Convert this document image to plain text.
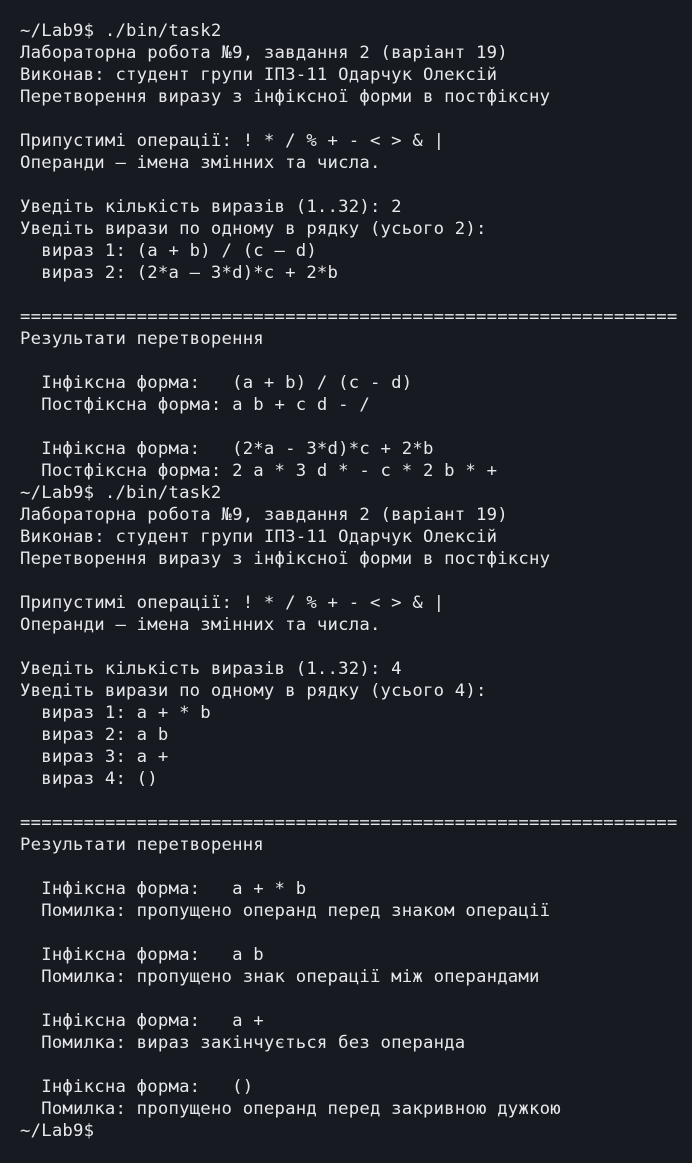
~/Lab9$ ./bin/task2
Лабораторна робота №9, завдання 2 (варіант 19)
Виконав: студент групи ІП3-11 Одарчук Олексій
Перетворення виразу з інфіксної форми в постфіксну
Припустимі операції: ! * / % + - < > & |
Операнди — імена змінних та числа.
Уведіть кількість виразів (1..32): 2
Уведіть вирази по одному в рядку (усього 2):
вираз 1: (a + b) / (c – d)
вираз 2: (2*a – 3*d)*c + 2*b
==============================================================
Результати перетворення
Інфіксна форма:   (a + b) / (c - d)
Постфіксна форма: a b + c d - /
Інфіксна форма:   (2*a - 3*d)*c + 2*b
Постфіксна форма: 2 a * 3 d * - c * 2 b * +
~/Lab9$ ./bin/task2
Лабораторна робота №9, завдання 2 (варіант 19)
Виконав: студент групи ІП3-11 Одарчук Олексій
Перетворення виразу з інфіксної форми в постфіксну
Припустимі операції: ! * / % + - < > & |
Операнди — імена змінних та числа.
Уведіть кількість виразів (1..32): 4
Уведіть вирази по одному в рядку (усього 4):
вираз 1: a + * b
вираз 2: a b
вираз 3: a +
вираз 4: ()
==============================================================
Результати перетворення
Інфіксна форма:   a + * b
Помилка: пропущено операнд перед знаком операції
Інфіксна форма:   a b
Помилка: пропущено знак операції між операндами
Інфіксна форма:   a +
Помилка: вираз закінчується без операнда
Інфіксна форма:   ()
Помилка: пропущено операнд перед закривною дужкою
~/Lab9$
